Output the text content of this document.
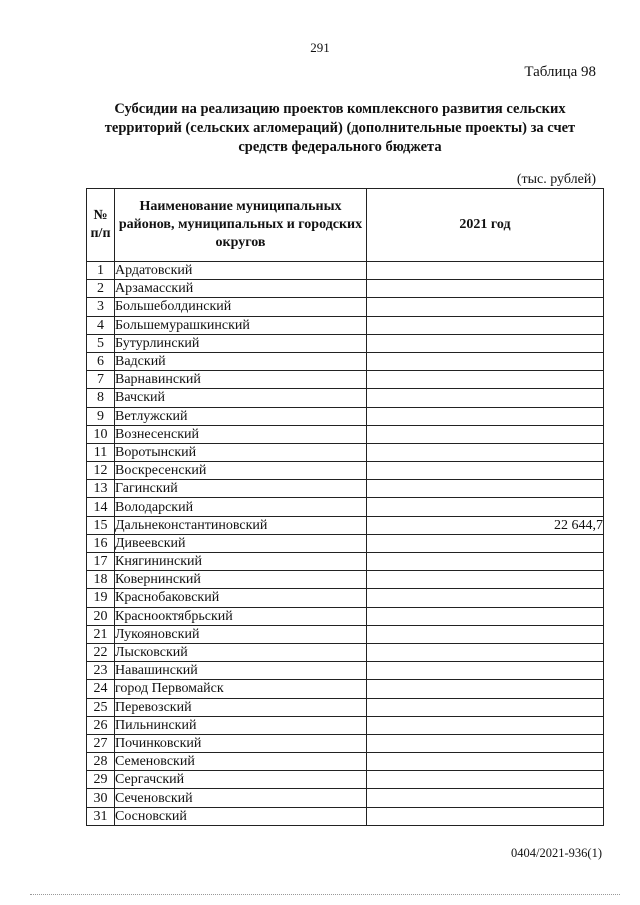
291
Таблица 98
Субсидии на реализацию проектов комплексного развития сельских территорий (сельских агломераций) (дополнительные проекты) за счет средств федерального бюджета
(тыс. рублей)
№ п/п	Наименование муниципальных районов, муниципальных и городских округов	2021 год
1	Ардатовский	
2	Арзамасский	
3	Большеболдинский	
4	Большемурашкинский	
5	Бутурлинский	
6	Вадский	
7	Варнавинский	
8	Вачский	
9	Ветлужский	
10	Вознесенский	
11	Воротынский	
12	Воскресенский	
13	Гагинский	
14	Володарский	
15	Дальнеконстантиновский	22 644,7
16	Дивеевский	
17	Княгининский	
18	Ковернинский	
19	Краснобаковский	
20	Краснооктябрьский	
21	Лукояновский	
22	Лысковский	
23	Навашинский	
24	город Первомайск	
25	Перевозский	
26	Пильнинский	
27	Починковский	
28	Семеновский	
29	Сергачский	
30	Сеченовский	
31	Сосновский	
0404/2021-936(1)
